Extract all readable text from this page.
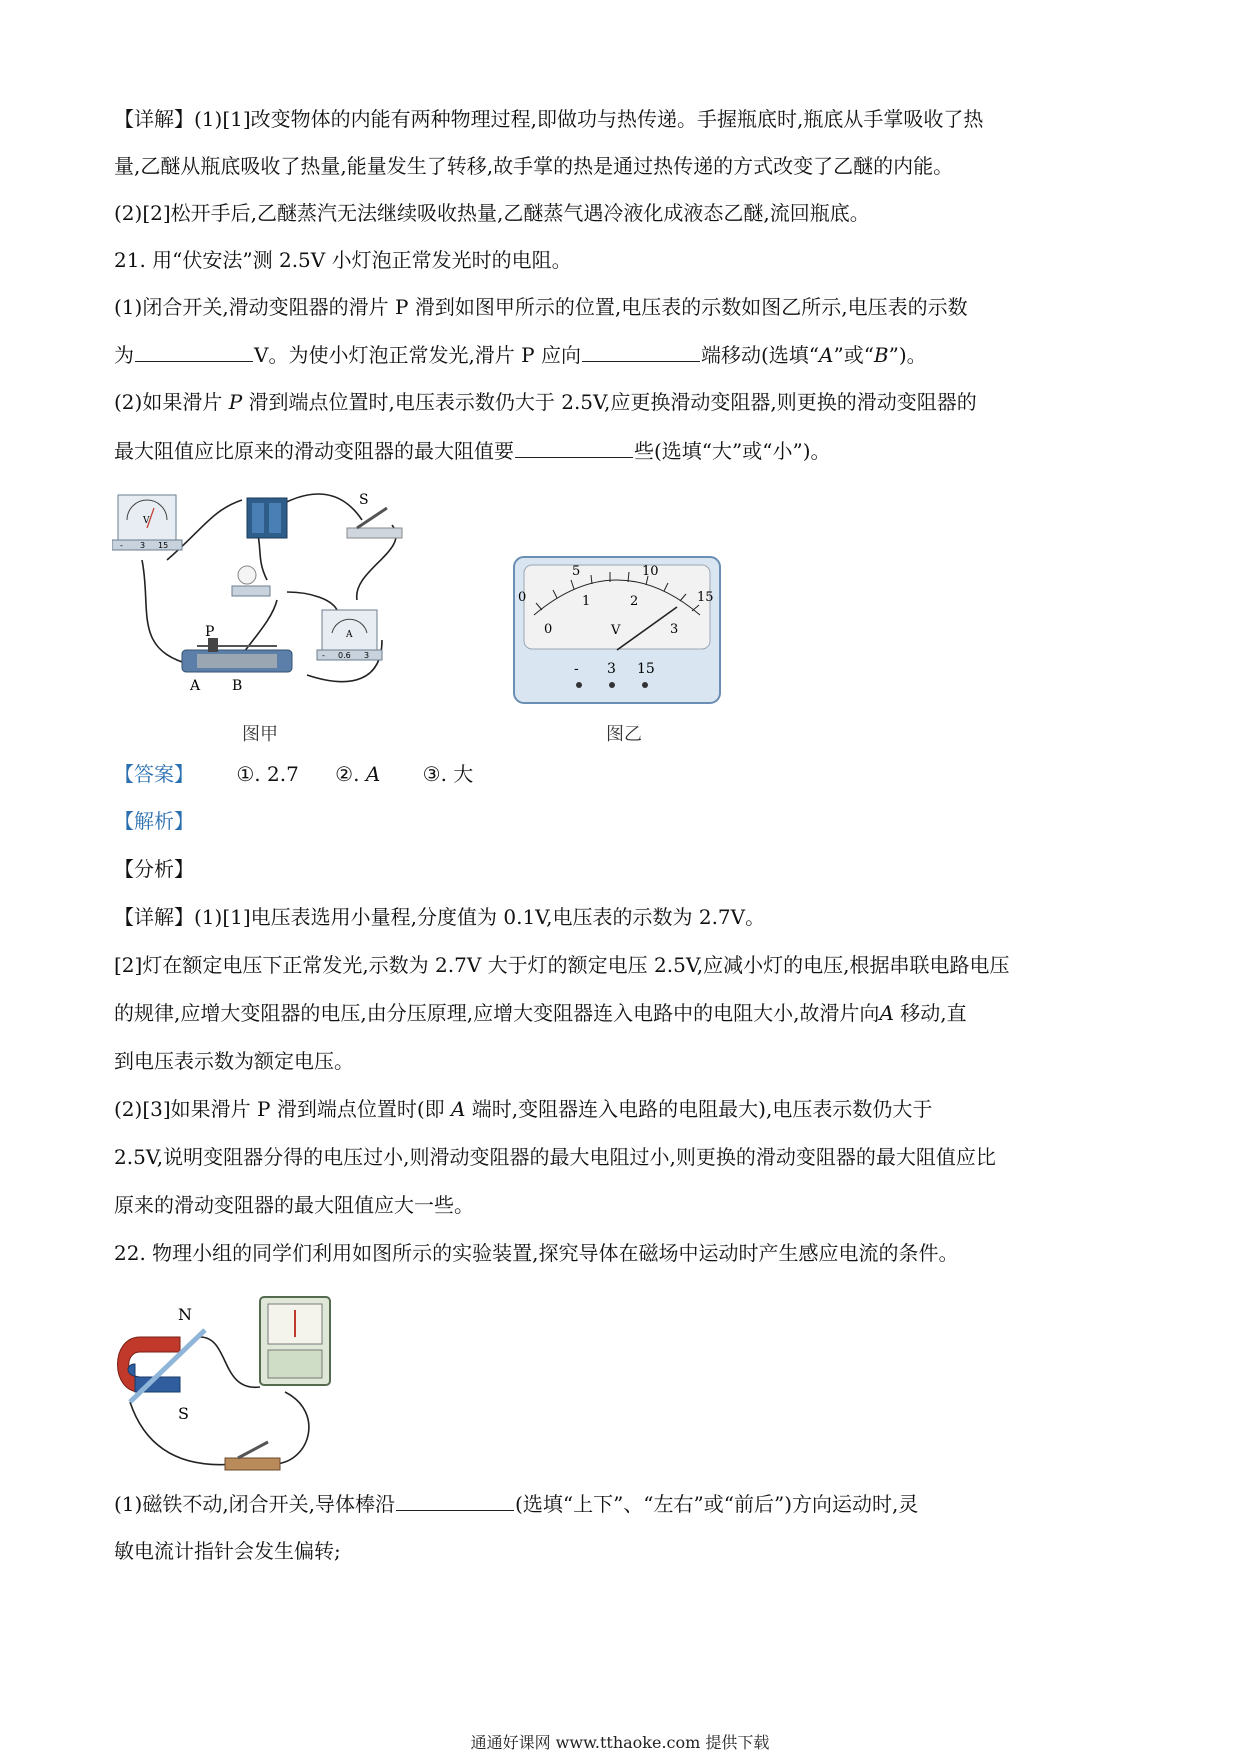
【详解】(1)[1]改变物体的内能有两种物理过程,即做功与热传递。手握瓶底时,瓶底从手掌吸收了热
量,乙醚从瓶底吸收了热量,能量发生了转移,故手掌的热是通过热传递的方式改变了乙醚的内能。
(2)[2]松开手后,乙醚蒸汽无法继续吸收热量,乙醚蒸气遇冷液化成液态乙醚,流回瓶底。
21. 用“伏安法”测 2.5V 小灯泡正常发光时的电阻。
(1)闭合开关,滑动变阻器的滑片 P 滑到如图甲所示的位置,电压表的示数如图乙所示,电压表的示数
为	V。为使小灯泡正常发光,滑片 P 应向	端移动(选填“A”或“B”)。
(2)如果滑片 P 滑到端点位置时,电压表示数仍大于 2.5V,应更换滑动变阻器,则更换的滑动变阻器的
最大阻值应比原来的滑动变阻器的最大阻值要	些(选填“大”或“小”)。
S
V
- 3 15
A
- 0.6 3
P
A B
图甲
0
5	10
15
0
1	2
3
V
- 3 15
图乙
【答案】 ①. 2.7 ②. A ③. 大
【解析】
【分析】
【详解】(1)[1]电压表选用小量程,分度值为 0.1V,电压表的示数为 2.7V。
[2]灯在额定电压下正常发光,示数为 2.7V 大于灯的额定电压 2.5V,应减小灯的电压,根据串联电路电压
的规律,应增大变阻器的电压,由分压原理,应增大变阻器连入电路中的电阻大小,故滑片向A 移动,直
到电压表示数为额定电压。
(2)[3]如果滑片 P 滑到端点位置时(即 A 端时,变阻器连入电路的电阻最大),电压表示数仍大于
2.5V,说明变阻器分得的电压过小,则滑动变阻器的最大电阻过小,则更换的滑动变阻器的最大阻值应比
原来的滑动变阻器的最大阻值应大一些。
22. 物理小组的同学们利用如图所示的实验装置,探究导体在磁场中运动时产生感应电流的条件。
N
S
(1)磁铁不动,闭合开关,导体棒沿	(选填“上下”、“左右”或“前后”)方向运动时,灵
敏电流计指针会发生偏转;
通通好课网 www.tthaoke.com 提供下载
